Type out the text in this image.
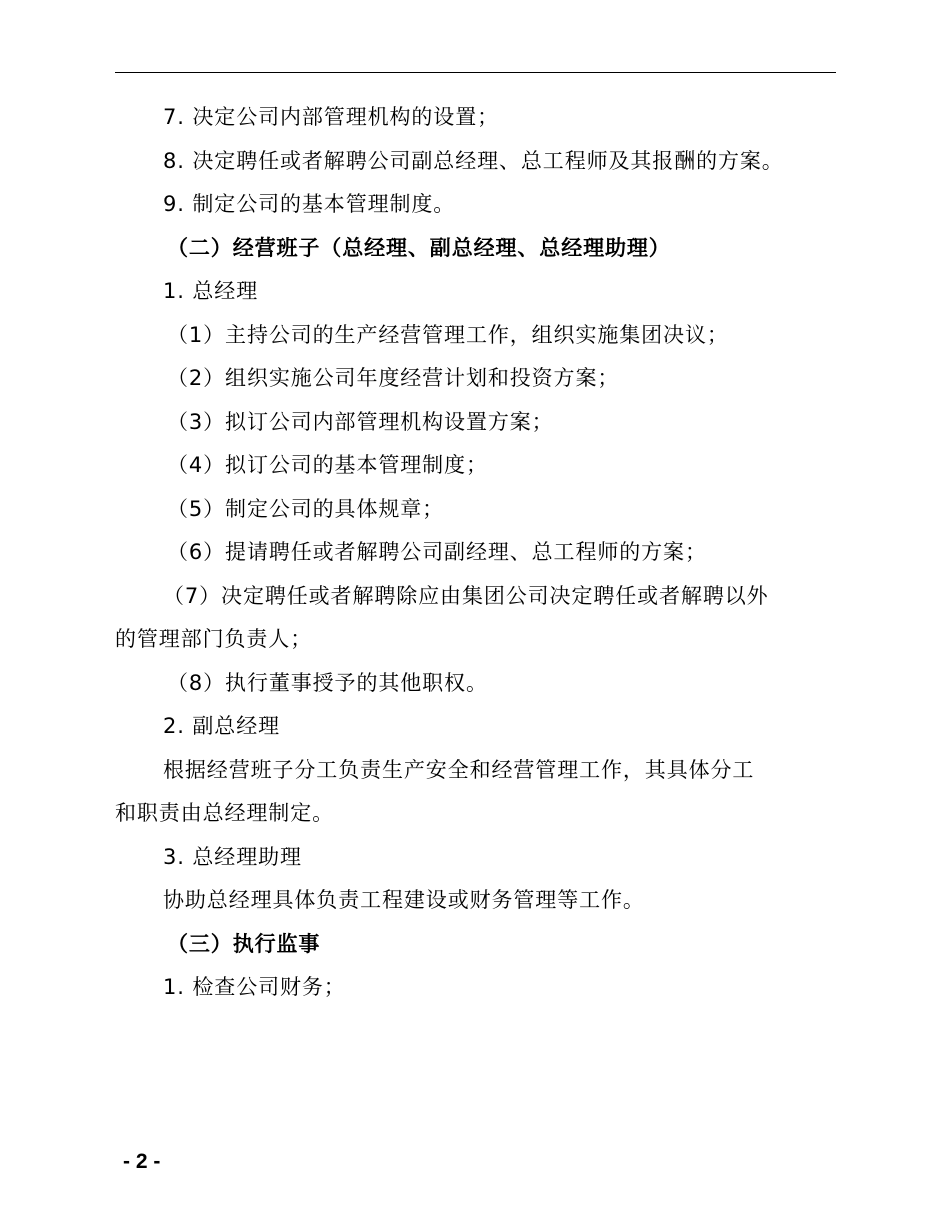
7. 决定公司内部管理机构的设置；
8. 决定聘任或者解聘公司副总经理、总工程师及其报酬的方案。
9. 制定公司的基本管理制度。
（二）经营班子（总经理、副总经理、总经理助理）
1. 总经理
（1）主持公司的生产经营管理工作，组织实施集团决议；
（2）组织实施公司年度经营计划和投资方案；
（3）拟订公司内部管理机构设置方案；
（4）拟订公司的基本管理制度；
（5）制定公司的具体规章；
（6）提请聘任或者解聘公司副经理、总工程师的方案；
（7）决定聘任或者解聘除应由集团公司决定聘任或者解聘以外
的管理部门负责人；
（8）执行董事授予的其他职权。
2. 副总经理
根据经营班子分工负责生产安全和经营管理工作，其具体分工
和职责由总经理制定。
3. 总经理助理
协助总经理具体负责工程建设或财务管理等工作。
（三）执行监事
1. 检查公司财务；
- 2 -
